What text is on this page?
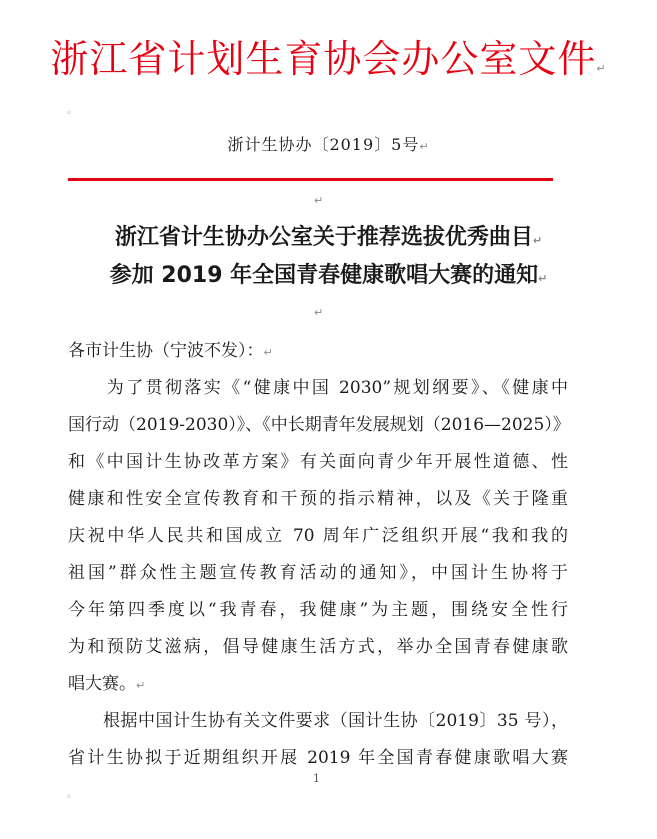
浙江省计划生育协会办公室文件↵
◦
浙计生协办〔2019〕5号↵
↵
浙江省计生协办公室关于推荐选拔优秀曲目↵
参加 2019 年全国青春健康歌唱大赛的通知↵
↵
各市计生协（宁波不发）：↵
　　为了贯彻落实《“健康中国 2030”规划纲要》、《健康中
国行动（2019-2030）》、《中长期青年发展规划（2016—2025）》
和《中国计生协改革方案》有关面向青少年开展性道德、性
健康和性安全宣传教育和干预的指示精神，以及《关于隆重
庆祝中华人民共和国成立 70 周年广泛组织开展“我和我的
祖国”群众性主题宣传教育活动的通知》，中国计生协将于
今年第四季度以“我青春，我健康”为主题，围绕安全性行
为和预防艾滋病，倡导健康生活方式，举办全国青春健康歌
唱大赛。↵
　　根据中国计生协有关文件要求（国计生协〔2019〕35 号），
省计生协拟于近期组织开展 2019 年全国青春健康歌唱大赛
1
◦
